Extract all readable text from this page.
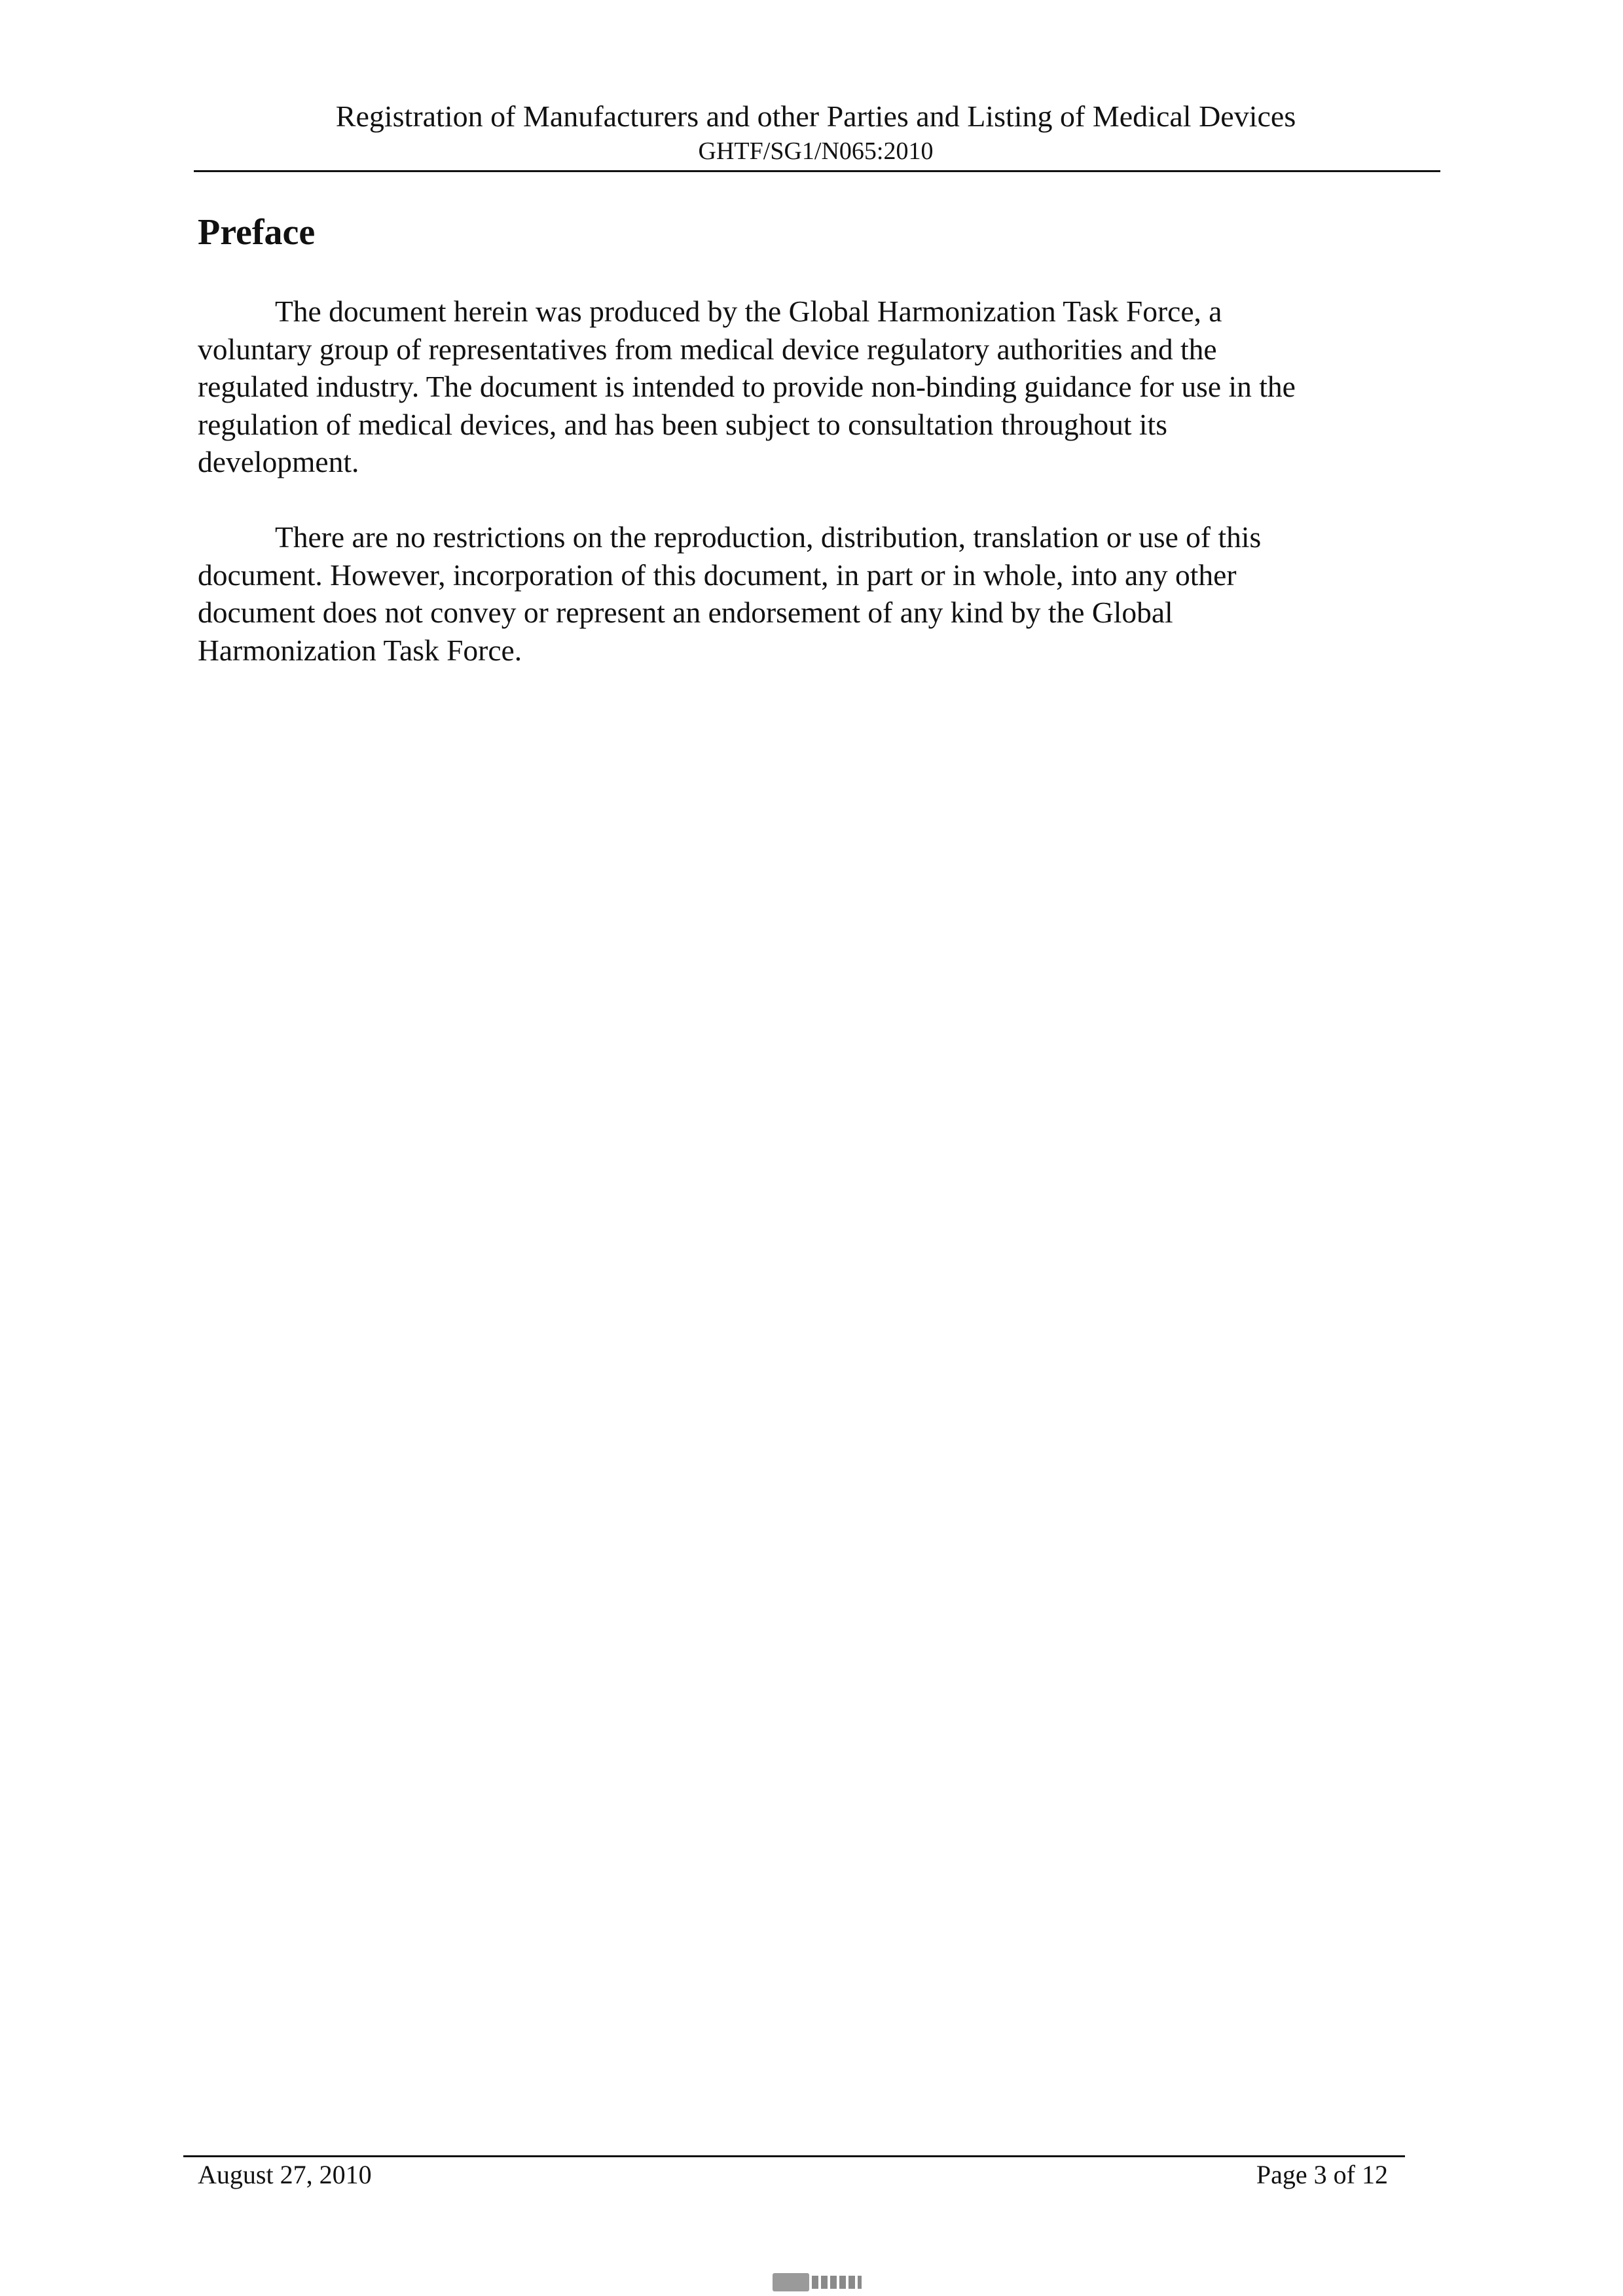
Registration of Manufacturers and other Parties and Listing of Medical Devices
GHTF/SG1/N065:2010
Preface

The document herein was produced by the Global Harmonization Task Force, a
voluntary group of representatives from medical device regulatory authorities and the
regulated industry. The document is intended to provide non-binding guidance for use in the
regulation of medical devices, and has been subject to consultation throughout its
development.

There are no restrictions on the reproduction, distribution, translation or use of this
document. However, incorporation of this document, in part or in whole, into any other
document does not convey or represent an endorsement of any kind by the Global
Harmonization Task Force.

August 27, 2010	Page 3 of 12
